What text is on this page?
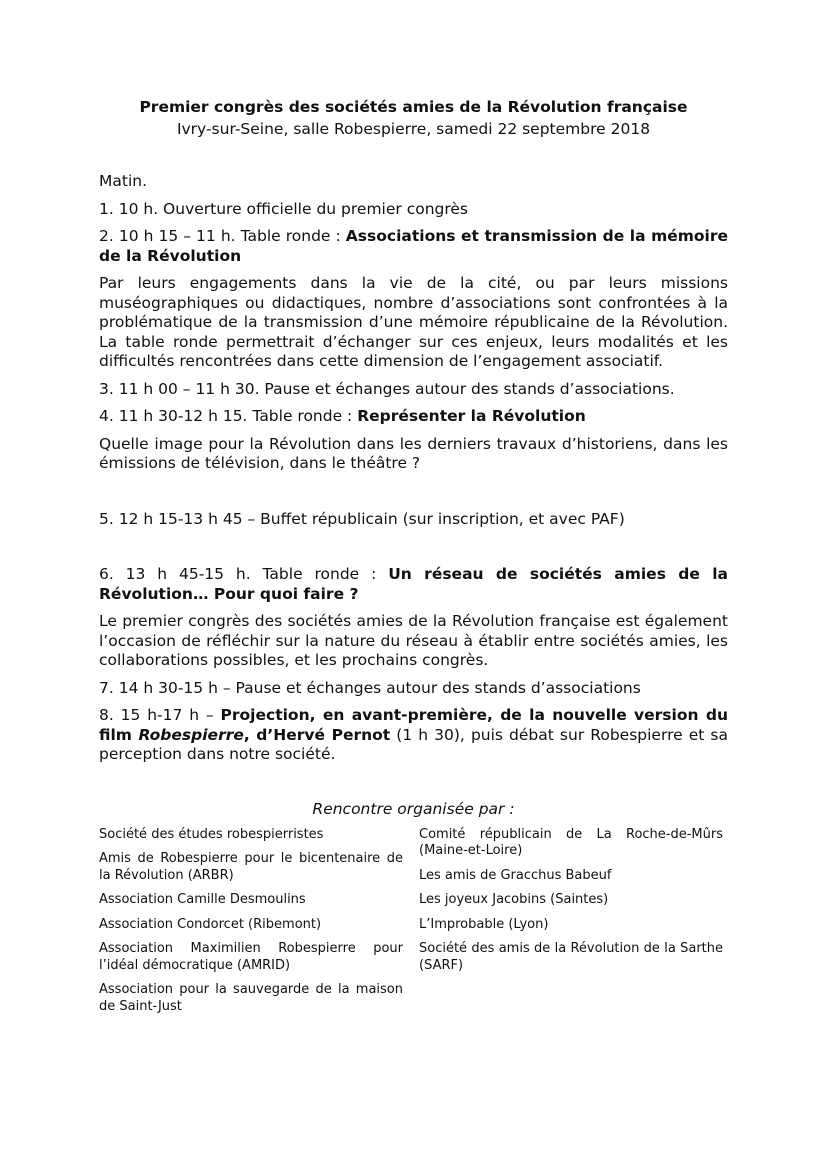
Premier congrès des sociétés amies de la Révolution française
Ivry-sur-Seine, salle Robespierre, samedi 22 septembre 2018

Matin.

1. 10 h. Ouverture officielle du premier congrès

2. 10 h 15 – 11 h. Table ronde : Associations et transmission de la mémoire de la Révolution

Par leurs engagements dans la vie de la cité, ou par leurs missions muséographiques ou didactiques, nombre d’associations sont confrontées à la problématique de la transmission d’une mémoire républicaine de la Révolution. La table ronde permettrait d’échanger sur ces enjeux, leurs modalités et les difficultés rencontrées dans cette dimension de l’engagement associatif.

3. 11 h 00 – 11 h 30. Pause et échanges autour des stands d’associations.

4. 11 h 30-12 h 15. Table ronde : Représenter la Révolution

Quelle image pour la Révolution dans les derniers travaux d’historiens, dans les émissions de télévision, dans le théâtre ?

5. 12 h 15-13 h 45 – Buffet républicain (sur inscription, et avec PAF)

6. 13 h 45-15 h. Table ronde : Un réseau de sociétés amies de la Révolution… Pour quoi faire ?

Le premier congrès des sociétés amies de la Révolution française est également l’occasion de réfléchir sur la nature du réseau à établir entre sociétés amies, les collaborations possibles, et les prochains congrès.

7. 14 h 30-15 h – Pause et échanges autour des stands d’associations

8. 15 h-17 h – Projection, en avant-première, de la nouvelle version du film Robespierre, d’Hervé Pernot (1 h 30), puis débat sur Robespierre et sa perception dans notre société.

Rencontre organisée par :
Société des études robespierristes
Amis de Robespierre pour le bicentenaire de la Révolution (ARBR)
Association Camille Desmoulins
Association Condorcet (Ribemont)
Association Maximilien Robespierre pour l’idéal démocratique (AMRID)
Association pour la sauvegarde de la maison de Saint-Just
Comité républicain de La Roche-de-Mûrs (Maine-et-Loire)
Les amis de Gracchus Babeuf
Les joyeux Jacobins (Saintes)
L’Improbable (Lyon)
Société des amis de la Révolution de la Sarthe (SARF)
